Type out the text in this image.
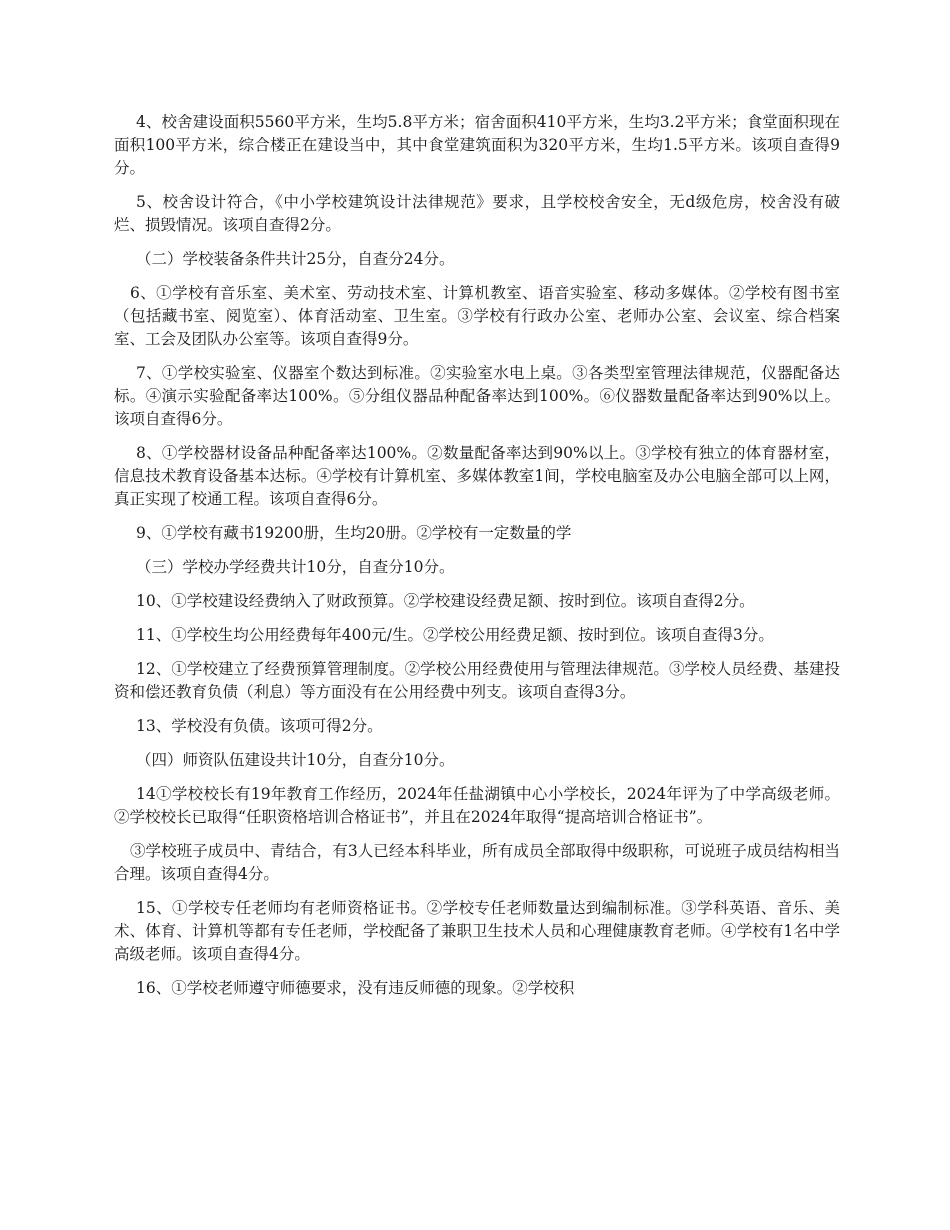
4、校舍建设面积5560平方米，生均5.8平方米；宿舍面积410平方米，生均3.2平方米；食堂面积现在面积100平方米，综合楼正在建设当中，其中食堂建筑面积为320平方米，生均1.5平方米。该项自查得9分。

5、校舍设计符合，《中小学校建筑设计法律规范》要求，且学校校舍安全，无d级危房，校舍没有破烂、损毁情况。该项自查得2分。

（二）学校装备条件共计25分，自查分24分。

6、①学校有音乐室、美术室、劳动技术室、计算机教室、语音实验室、移动多媒体。②学校有图书室（包括藏书室、阅览室）、体育活动室、卫生室。③学校有行政办公室、老师办公室、会议室、综合档案室、工会及团队办公室等。该项自查得9分。

7、①学校实验室、仪器室个数达到标准。②实验室水电上桌。③各类型室管理法律规范，仪器配备达标。④演示实验配备率达100%。⑤分组仪器品种配备率达到100%。⑥仪器数量配备率达到90%以上。该项自查得6分。

8、①学校器材设备品种配备率达100%。②数量配备率达到90%以上。③学校有独立的体育器材室，信息技术教育设备基本达标。④学校有计算机室、多媒体教室1间，学校电脑室及办公电脑全部可以上网，真正实现了校通工程。该项自查得6分。

9、①学校有藏书19200册，生均20册。②学校有一定数量的学

（三）学校办学经费共计10分，自查分10分。

10、①学校建设经费纳入了财政预算。②学校建设经费足额、按时到位。该项自查得2分。

11、①学校生均公用经费每年400元/生。②学校公用经费足额、按时到位。该项自查得3分。

12、①学校建立了经费预算管理制度。②学校公用经费使用与管理法律规范。③学校人员经费、基建投资和偿还教育负债（利息）等方面没有在公用经费中列支。该项自查得3分。

13、学校没有负债。该项可得2分。

（四）师资队伍建设共计10分，自查分10分。

14①学校校长有19年教育工作经历，2024年任盐湖镇中心小学校长，2024年评为了中学高级老师。②学校校长已取得“任职资格培训合格证书”，并且在2024年取得“提高培训合格证书”。

③学校班子成员中、青结合，有3人已经本科毕业，所有成员全部取得中级职称，可说班子成员结构相当合理。该项自查得4分。

15、①学校专任老师均有老师资格证书。②学校专任老师数量达到编制标准。③学科英语、音乐、美术、体育、计算机等都有专任老师，学校配备了兼职卫生技术人员和心理健康教育老师。④学校有1名中学高级老师。该项自查得4分。

16、①学校老师遵守师德要求，没有违反师德的现象。②学校积
